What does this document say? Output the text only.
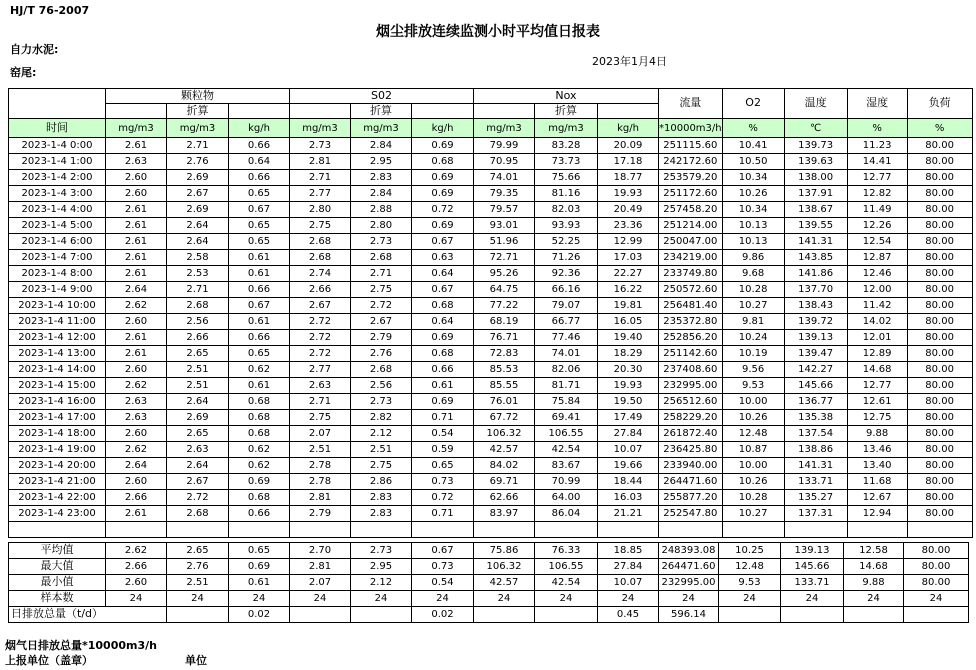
HJ/T 76-2007
烟尘排放连续监测小时平均值日报表
自力水泥:
2023年1月4日
窑尾:
	颗粒物			S02			Nox			流量	O2	温度	湿度	负荷
		折算			折算			折算						
时间	mg/m3	mg/m3	kg/h	mg/m3	mg/m3	kg/h	mg/m3	mg/m3	kg/h	*10000m3/h	%	℃	%	%
2023-1-4 0:00	2.61	2.71	0.66	2.73	2.84	0.69	79.99	83.28	20.09	251115.60	10.41	139.73	11.23	80.00
2023-1-4 1:00	2.63	2.76	0.64	2.81	2.95	0.68	70.95	73.73	17.18	242172.60	10.50	139.63	14.41	80.00
2023-1-4 2:00	2.60	2.69	0.66	2.71	2.83	0.69	74.01	75.66	18.77	253579.20	10.34	138.00	12.77	80.00
2023-1-4 3:00	2.60	2.67	0.65	2.77	2.84	0.69	79.35	81.16	19.93	251172.60	10.26	137.91	12.82	80.00
2023-1-4 4:00	2.61	2.69	0.67	2.80	2.88	0.72	79.57	82.03	20.49	257458.20	10.34	138.67	11.49	80.00
2023-1-4 5:00	2.61	2.64	0.65	2.75	2.80	0.69	93.01	93.93	23.36	251214.00	10.13	139.55	12.26	80.00
2023-1-4 6:00	2.61	2.64	0.65	2.68	2.73	0.67	51.96	52.25	12.99	250047.00	10.13	141.31	12.54	80.00
2023-1-4 7:00	2.61	2.58	0.61	2.68	2.68	0.63	72.71	71.26	17.03	234219.00	9.86	143.85	12.87	80.00
2023-1-4 8:00	2.61	2.53	0.61	2.74	2.71	0.64	95.26	92.36	22.27	233749.80	9.68	141.86	12.46	80.00
2023-1-4 9:00	2.64	2.71	0.66	2.66	2.75	0.67	64.75	66.16	16.22	250572.60	10.28	137.70	12.00	80.00
2023-1-4 10:00	2.62	2.68	0.67	2.67	2.72	0.68	77.22	79.07	19.81	256481.40	10.27	138.43	11.42	80.00
2023-1-4 11:00	2.60	2.56	0.61	2.72	2.67	0.64	68.19	66.77	16.05	235372.80	9.81	139.72	14.02	80.00
2023-1-4 12:00	2.61	2.66	0.66	2.72	2.79	0.69	76.71	77.46	19.40	252856.20	10.24	139.13	12.01	80.00
2023-1-4 13:00	2.61	2.65	0.65	2.72	2.76	0.68	72.83	74.01	18.29	251142.60	10.19	139.47	12.89	80.00
2023-1-4 14:00	2.60	2.51	0.62	2.77	2.68	0.66	85.53	82.06	20.30	237408.60	9.56	142.27	14.68	80.00
2023-1-4 15:00	2.62	2.51	0.61	2.63	2.56	0.61	85.55	81.71	19.93	232995.00	9.53	145.66	12.77	80.00
2023-1-4 16:00	2.63	2.64	0.68	2.71	2.73	0.69	76.01	75.84	19.50	256512.60	10.00	136.77	12.61	80.00
2023-1-4 17:00	2.63	2.69	0.68	2.75	2.82	0.71	67.72	69.41	17.49	258229.20	10.26	135.38	12.75	80.00
2023-1-4 18:00	2.60	2.65	0.68	2.07	2.12	0.54	106.32	106.55	27.84	261872.40	12.48	137.54	9.88	80.00
2023-1-4 19:00	2.62	2.63	0.62	2.51	2.51	0.59	42.57	42.54	10.07	236425.80	10.87	138.86	13.46	80.00
2023-1-4 20:00	2.64	2.64	0.62	2.78	2.75	0.65	84.02	83.67	19.66	233940.00	10.00	141.31	13.40	80.00
2023-1-4 21:00	2.60	2.67	0.69	2.78	2.86	0.73	69.71	70.99	18.44	264471.60	10.26	133.71	11.68	80.00
2023-1-4 22:00	2.66	2.72	0.68	2.81	2.83	0.72	62.66	64.00	16.03	255877.20	10.28	135.27	12.67	80.00
2023-1-4 23:00	2.61	2.68	0.66	2.79	2.83	0.71	83.97	86.04	21.21	252547.80	10.27	137.31	12.94	80.00

平均值	2.62	2.65	0.65	2.70	2.73	0.67	75.86	76.33	18.85	248393.08	10.25	139.13	12.58	80.00
最大值	2.66	2.76	0.69	2.81	2.95	0.73	106.32	106.55	27.84	264471.60	12.48	145.66	14.68	80.00
最小值	2.60	2.51	0.61	2.07	2.12	0.54	42.57	42.54	10.07	232995.00	9.53	133.71	9.88	80.00
样本数	24	24	24	24	24	24	24	24	24	24	24	24	24	24
日排放总量（t/d）			0.02			0.02			0.45	596.14				
烟气日排放总量*10000m3/h
上报单位（盖章）	单位
